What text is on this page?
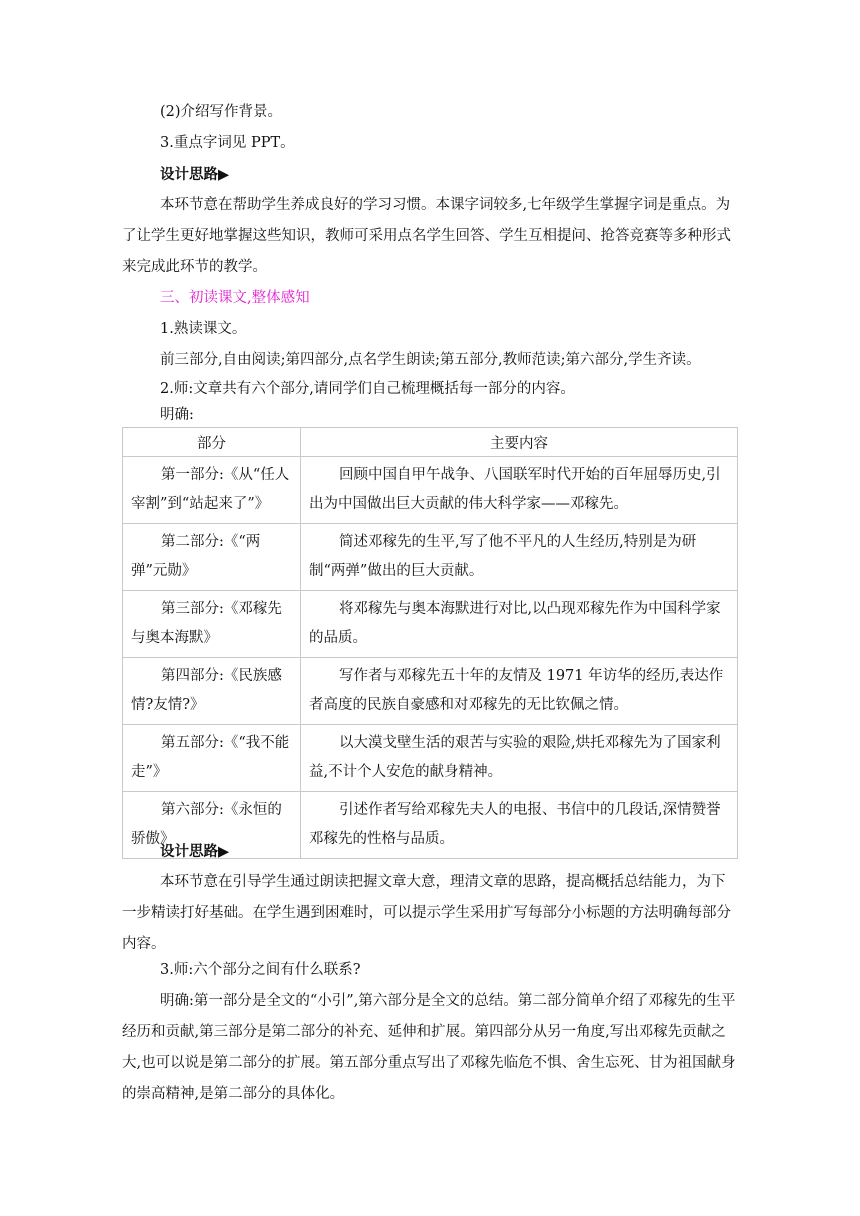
(2)介绍写作背景。
3.重点字词见 PPT。
设计思路▶
本环节意在帮助学生养成良好的学习习惯。本课字词较多,七年级学生掌握字词是重点。为了让学生更好地掌握这些知识，教师可采用点名学生回答、学生互相提问、抢答竞赛等多种形式来完成此环节的教学。
三、初读课文,整体感知
1.熟读课文。
前三部分,自由阅读;第四部分,点名学生朗读;第五部分,教师范读;第六部分,学生齐读。
2.师:文章共有六个部分,请同学们自己梳理概括每一部分的内容。
明确:
部分	主要内容
第一部分:《从“任人宰割”到“站起来了”》	回顾中国自甲午战争、八国联军时代开始的百年屈辱历史,引出为中国做出巨大贡献的伟大科学家——邓稼先。
第二部分:《“两弹”元勋》	简述邓稼先的生平,写了他不平凡的人生经历,特别是为研制“两弹”做出的巨大贡献。
第三部分:《邓稼先与奥本海默》	将邓稼先与奥本海默进行对比,以凸现邓稼先作为中国科学家的品质。
第四部分:《民族感情?友情?》	写作者与邓稼先五十年的友情及 1971 年访华的经历,表达作者高度的民族自豪感和对邓稼先的无比钦佩之情。
第五部分:《“我不能走”》	以大漠戈壁生活的艰苦与实验的艰险,烘托邓稼先为了国家利益,不计个人安危的献身精神。
第六部分:《永恒的骄傲》	引述作者写给邓稼先夫人的电报、书信中的几段话,深情赞誉邓稼先的性格与品质。
设计思路▶
本环节意在引导学生通过朗读把握文章大意，理清文章的思路，提高概括总结能力，为下一步精读打好基础。在学生遇到困难时，可以提示学生采用扩写每部分小标题的方法明确每部分内容。
3.师:六个部分之间有什么联系?
明确:第一部分是全文的“小引”,第六部分是全文的总结。第二部分简单介绍了邓稼先的生平经历和贡献,第三部分是第二部分的补充、延伸和扩展。第四部分从另一角度,写出邓稼先贡献之大,也可以说是第二部分的扩展。第五部分重点写出了邓稼先临危不惧、舍生忘死、甘为祖国献身的崇高精神,是第二部分的具体化。
